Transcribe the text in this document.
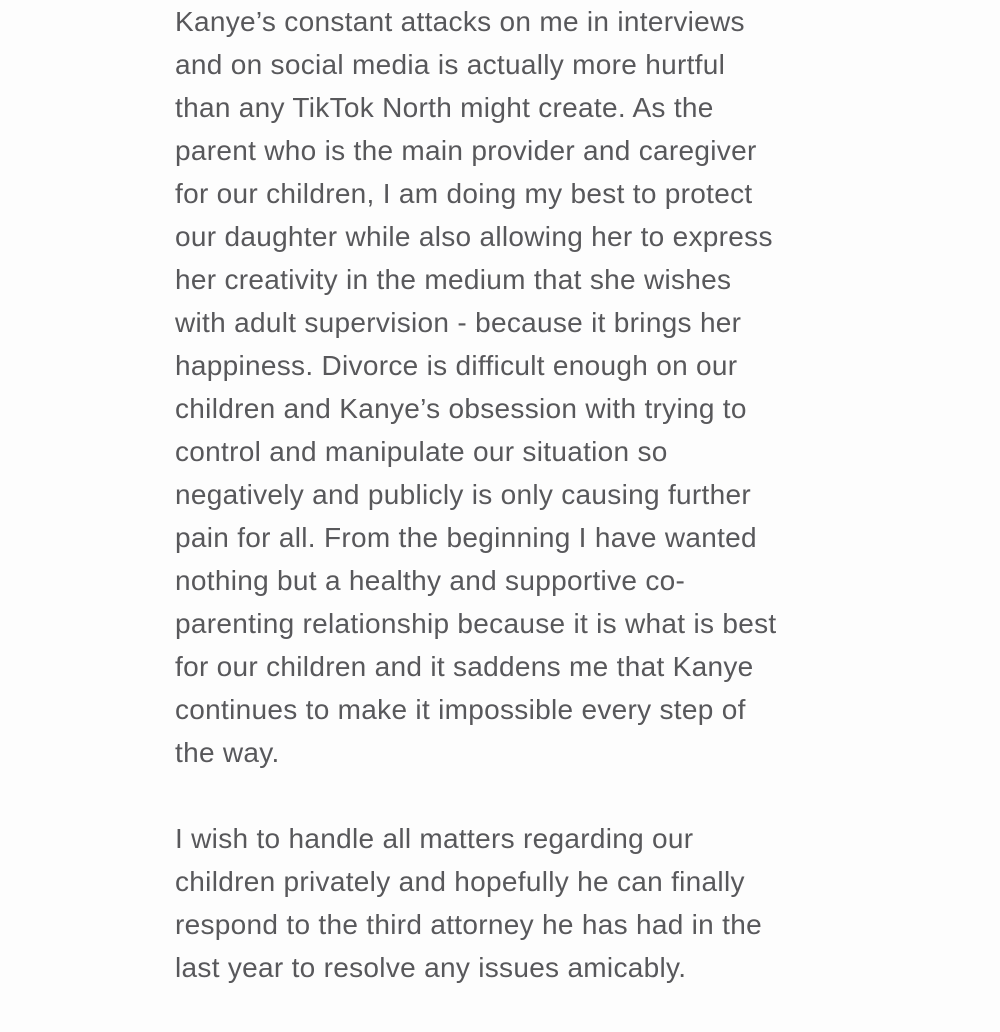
Kanye’s constant attacks on me in interviews
and on social media is actually more hurtful
than any TikTok North might create. As the
parent who is the main provider and caregiver
for our children, I am doing my best to protect
our daughter while also allowing her to express
her creativity in the medium that she wishes
with adult supervision - because it brings her
happiness. Divorce is difficult enough on our
children and Kanye’s obsession with trying to
control and manipulate our situation so
negatively and publicly is only causing further
pain for all. From the beginning I have wanted
nothing but a healthy and supportive co-
parenting relationship because it is what is best
for our children and it saddens me that Kanye
continues to make it impossible every step of
the way.

I wish to handle all matters regarding our
children privately and hopefully he can finally
respond to the third attorney he has had in the
last year to resolve any issues amicably.
